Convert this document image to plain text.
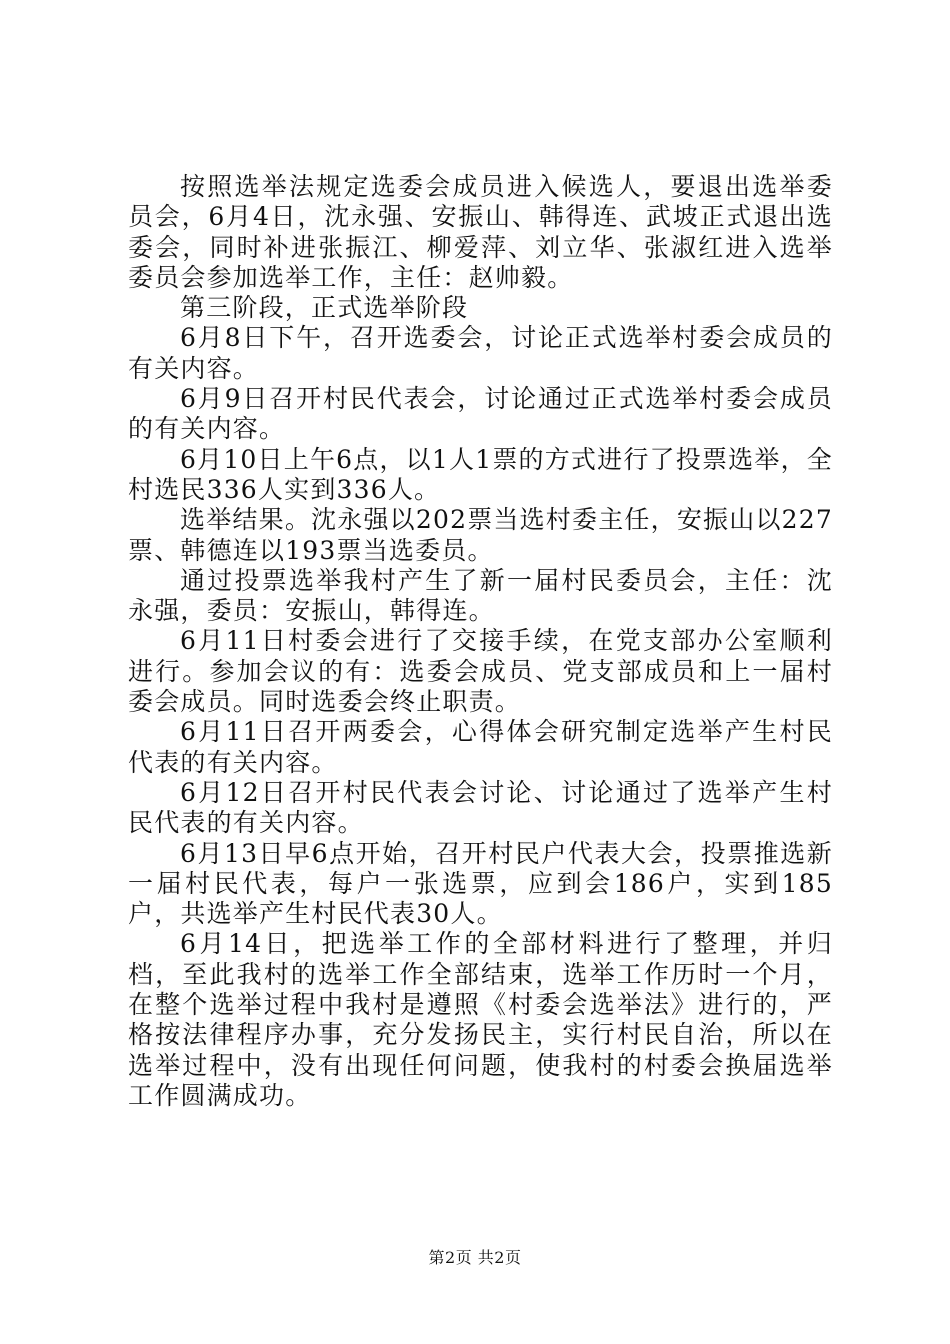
按照选举法规定选委会成员进入候选人，要退出选举委员会，6月4日，沈永强、安振山、韩得连、武坡正式退出选委会，同时补进张振江、柳爱萍、刘立华、张淑红进入选举委员会参加选举工作，主任：赵帅毅。

第三阶段，正式选举阶段

6月8日下午，召开选委会，讨论正式选举村委会成员的有关内容。

6月9日召开村民代表会，讨论通过正式选举村委会成员的有关内容。

6月10日上午6点，以1人1票的方式进行了投票选举，全村选民336人实到336人。

选举结果。沈永强以202票当选村委主任，安振山以227票、韩德连以193票当选委员。

通过投票选举我村产生了新一届村民委员会，主任：沈永强，委员：安振山，韩得连。

6月11日村委会进行了交接手续，在党支部办公室顺利进行。参加会议的有：选委会成员、党支部成员和上一届村委会成员。同时选委会终止职责。

6月11日召开两委会，心得体会研究制定选举产生村民代表的有关内容。

6月12日召开村民代表会讨论、讨论通过了选举产生村民代表的有关内容。

6月13日早6点开始，召开村民户代表大会，投票推选新一届村民代表，每户一张选票，应到会186户，实到185户，共选举产生村民代表30人。

6月14日，把选举工作的全部材料进行了整理，并归档，至此我村的选举工作全部结束，选举工作历时一个月，在整个选举过程中我村是遵照《村委会选举法》进行的，严格按法律程序办事，充分发扬民主，实行村民自治，所以在选举过程中，没有出现任何问题，使我村的村委会换届选举工作圆满成功。

第2页 共2页
